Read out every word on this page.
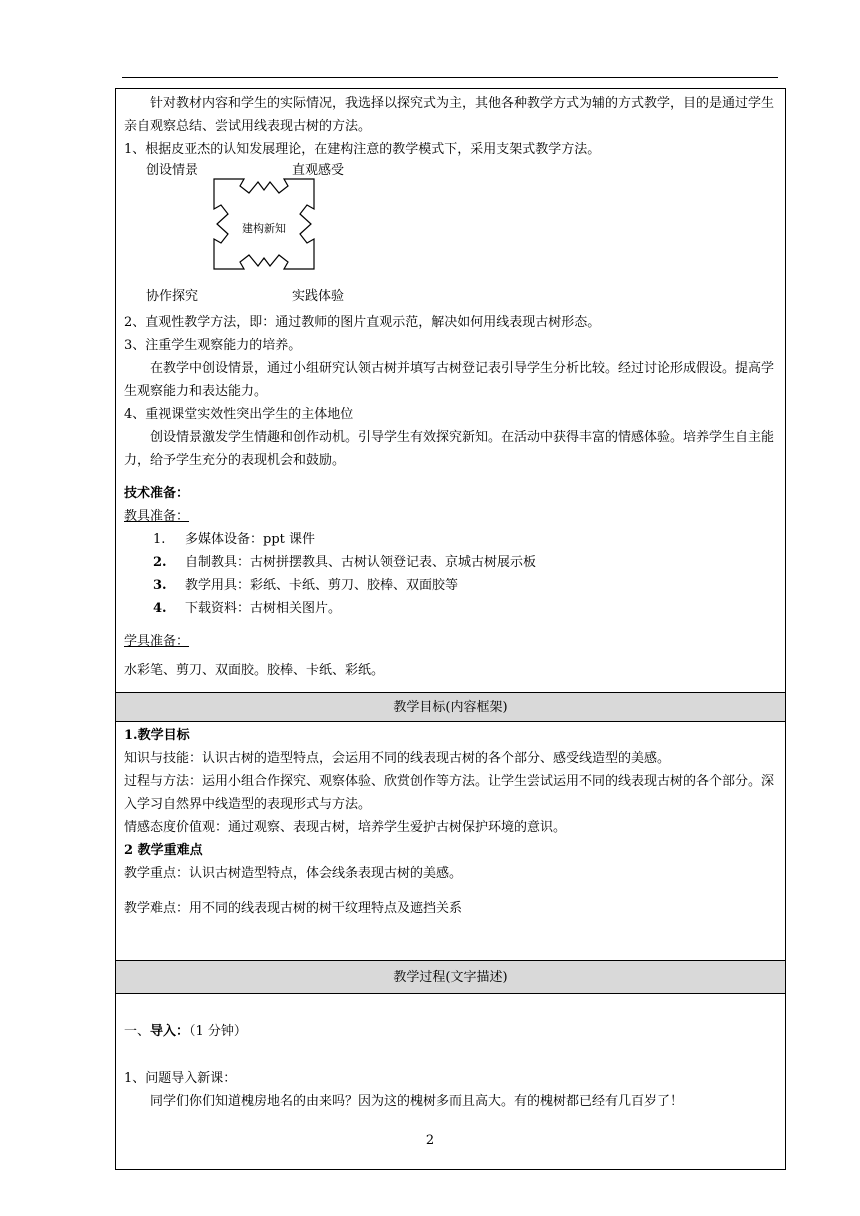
针对教材内容和学生的实际情况，我选择以探究式为主，其他各种教学方式为辅的方式教学，目的是通过学生亲自观察总结、尝试用线表现古树的方法。

1、根据皮亚杰的认知发展理论，在建构注意的教学模式下，采用支架式教学方法。

创设情景	直观感受
建构新知
协作探究	实践体验

2、直观性教学方法，即：通过教师的图片直观示范，解决如何用线表现古树形态。

3、注重学生观察能力的培养。

在教学中创设情景，通过小组研究认领古树并填写古树登记表引导学生分析比较。经过讨论形成假设。提高学生观察能力和表达能力。

4、重视课堂实效性突出学生的主体地位

创设情景激发学生情趣和创作动机。引导学生有效探究新知。在活动中获得丰富的情感体验。培养学生自主能力，给予学生充分的表现机会和鼓励。

技术准备：

教具准备：

1. 多媒体设备：ppt 课件
2. 自制教具：古树拼摆教具、古树认领登记表、京城古树展示板
3. 教学用具：彩纸、卡纸、剪刀、胶棒、双面胶等
4. 下载资料：古树相关图片。

学具准备：

水彩笔、剪刀、双面胶。胶棒、卡纸、彩纸。

教学目标(内容框架)

1.教学目标

知识与技能：认识古树的造型特点，会运用不同的线表现古树的各个部分、感受线造型的美感。

过程与方法：运用小组合作探究、观察体验、欣赏创作等方法。让学生尝试运用不同的线表现古树的各个部分。深入学习自然界中线造型的表现形式与方法。

情感态度价值观：通过观察、表现古树，培养学生爱护古树保护环境的意识。

2 教学重难点

教学重点：认识古树造型特点，体会线条表现古树的美感。

教学难点：用不同的线表现古树的树干纹理特点及遮挡关系

教学过程(文字描述)

一、导入：（1 分钟）

1、问题导入新课：

同学们你们知道槐房地名的由来吗？因为这的槐树多而且高大。有的槐树都已经有几百岁了！

2
